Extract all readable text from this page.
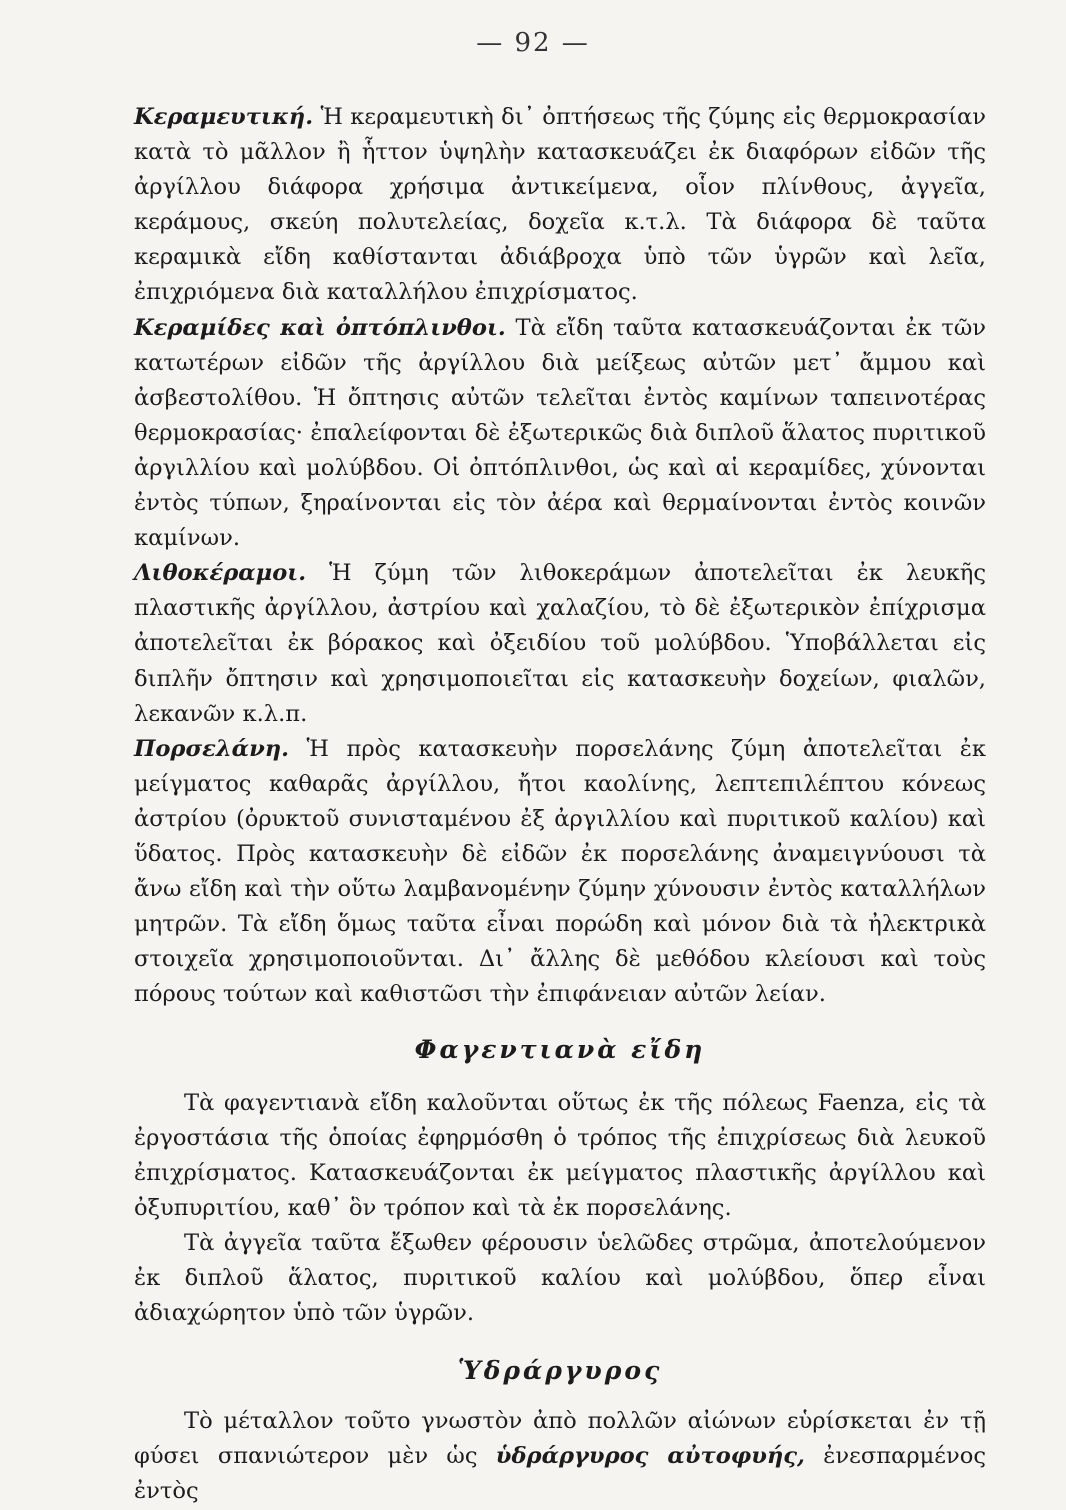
— 92 —

Κεραμευτική. Ἡ κεραμευτικὴ δι᾿ ὀπτήσεως τῆς ζύμης εἰς θερμοκρασίαν κατὰ τὸ μᾶλλον ἢ ἧττον ὑψηλὴν κατασκευάζει ἐκ διαφόρων εἰδῶν τῆς ἀργίλλου διάφορα χρήσιμα ἀντικείμενα, οἷον πλίνθους, ἀγγεῖα, κεράμους, σκεύη πολυτελείας, δοχεῖα κ.τ.λ. Τὰ διάφορα δὲ ταῦτα κεραμικὰ εἴδη καθίστανται ἀδιάβροχα ὑπὸ τῶν ὑγρῶν καὶ λεῖα, ἐπιχριόμενα διὰ καταλλήλου ἐπιχρίσματος.

Κεραμίδες καὶ ὀπτόπλινθοι. Τὰ εἴδη ταῦτα κατασκευάζονται ἐκ τῶν κατωτέρων εἰδῶν τῆς ἀργίλλου διὰ μείξεως αὐτῶν μετ᾿ ἄμμου καὶ ἀσβεστολίθου. Ἡ ὄπτησις αὐτῶν τελεῖται ἐντὸς καμίνων ταπεινοτέρας θερμοκρασίας· ἐπαλείφονται δὲ ἐξωτερικῶς διὰ διπλοῦ ἅλατος πυριτικοῦ ἀργιλλίου καὶ μολύβδου. Οἱ ὀπτόπλινθοι, ὡς καὶ αἱ κεραμίδες, χύνονται ἐντὸς τύπων, ξηραίνονται εἰς τὸν ἀέρα καὶ θερμαίνονται ἐντὸς κοινῶν καμίνων.

Λιθοκέραμοι. Ἡ ζύμη τῶν λιθοκεράμων ἀποτελεῖται ἐκ λευκῆς πλαστικῆς ἀργίλλου, ἀστρίου καὶ χαλαζίου, τὸ δὲ ἐξωτερικὸν ἐπίχρισμα ἀποτελεῖται ἐκ βόρακος καὶ ὀξειδίου τοῦ μολύβδου. Ὑποβάλλεται εἰς διπλῆν ὄπτησιν καὶ χρησιμοποιεῖται εἰς κατασκευὴν δοχείων, φιαλῶν, λεκανῶν κ.λ.π.

Πορσελάνη. Ἡ πρὸς κατασκευὴν πορσελάνης ζύμη ἀποτελεῖται ἐκ μείγματος καθαρᾶς ἀργίλλου, ἤτοι καολίνης, λεπτεπιλέπτου κόνεως ἀστρίου (ὀρυκτοῦ συνισταμένου ἐξ ἀργιλλίου καὶ πυριτικοῦ καλίου) καὶ ὕδατος. Πρὸς κατασκευὴν δὲ εἰδῶν ἐκ πορσελάνης ἀναμειγνύουσι τὰ ἄνω εἴδη καὶ τὴν οὕτω λαμβανομένην ζύμην χύνουσιν ἐντὸς καταλλήλων μητρῶν. Τὰ εἴδη ὅμως ταῦτα εἶναι πορώδη καὶ μόνον διὰ τὰ ἠλεκτρικὰ στοιχεῖα χρησιμοποιοῦνται. Δι᾿ ἄλλης δὲ μεθόδου κλείουσι καὶ τοὺς πόρους τούτων καὶ καθιστῶσι τὴν ἐπιφάνειαν αὐτῶν λείαν.

Φαγεντιανὰ εἴδη

Τὰ φαγεντιανὰ εἴδη καλοῦνται οὕτως ἐκ τῆς πόλεως Faenza, εἰς τὰ ἐργοστάσια τῆς ὁποίας ἐφηρμόσθη ὁ τρόπος τῆς ἐπιχρίσεως διὰ λευκοῦ ἐπιχρίσματος. Κατασκευάζονται ἐκ μείγματος πλαστικῆς ἀργίλλου καὶ ὀξυπυριτίου, καθ᾿ ὃν τρόπον καὶ τὰ ἐκ πορσελάνης.

Τὰ ἀγγεῖα ταῦτα ἔξωθεν φέρουσιν ὑελῶδες στρῶμα, ἀποτελούμενον ἐκ διπλοῦ ἅλατος, πυριτικοῦ καλίου καὶ μολύβδου, ὅπερ εἶναι ἀδιαχώρητον ὑπὸ τῶν ὑγρῶν.

Ὑδράργυρος

Τὸ μέταλλον τοῦτο γνωστὸν ἀπὸ πολλῶν αἰώνων εὑρίσκεται ἐν τῇ φύσει σπανιώτερον μὲν ὡς ὑδράργυρος αὐτοφυής, ἐνεσπαρμένος ἐντὸς
